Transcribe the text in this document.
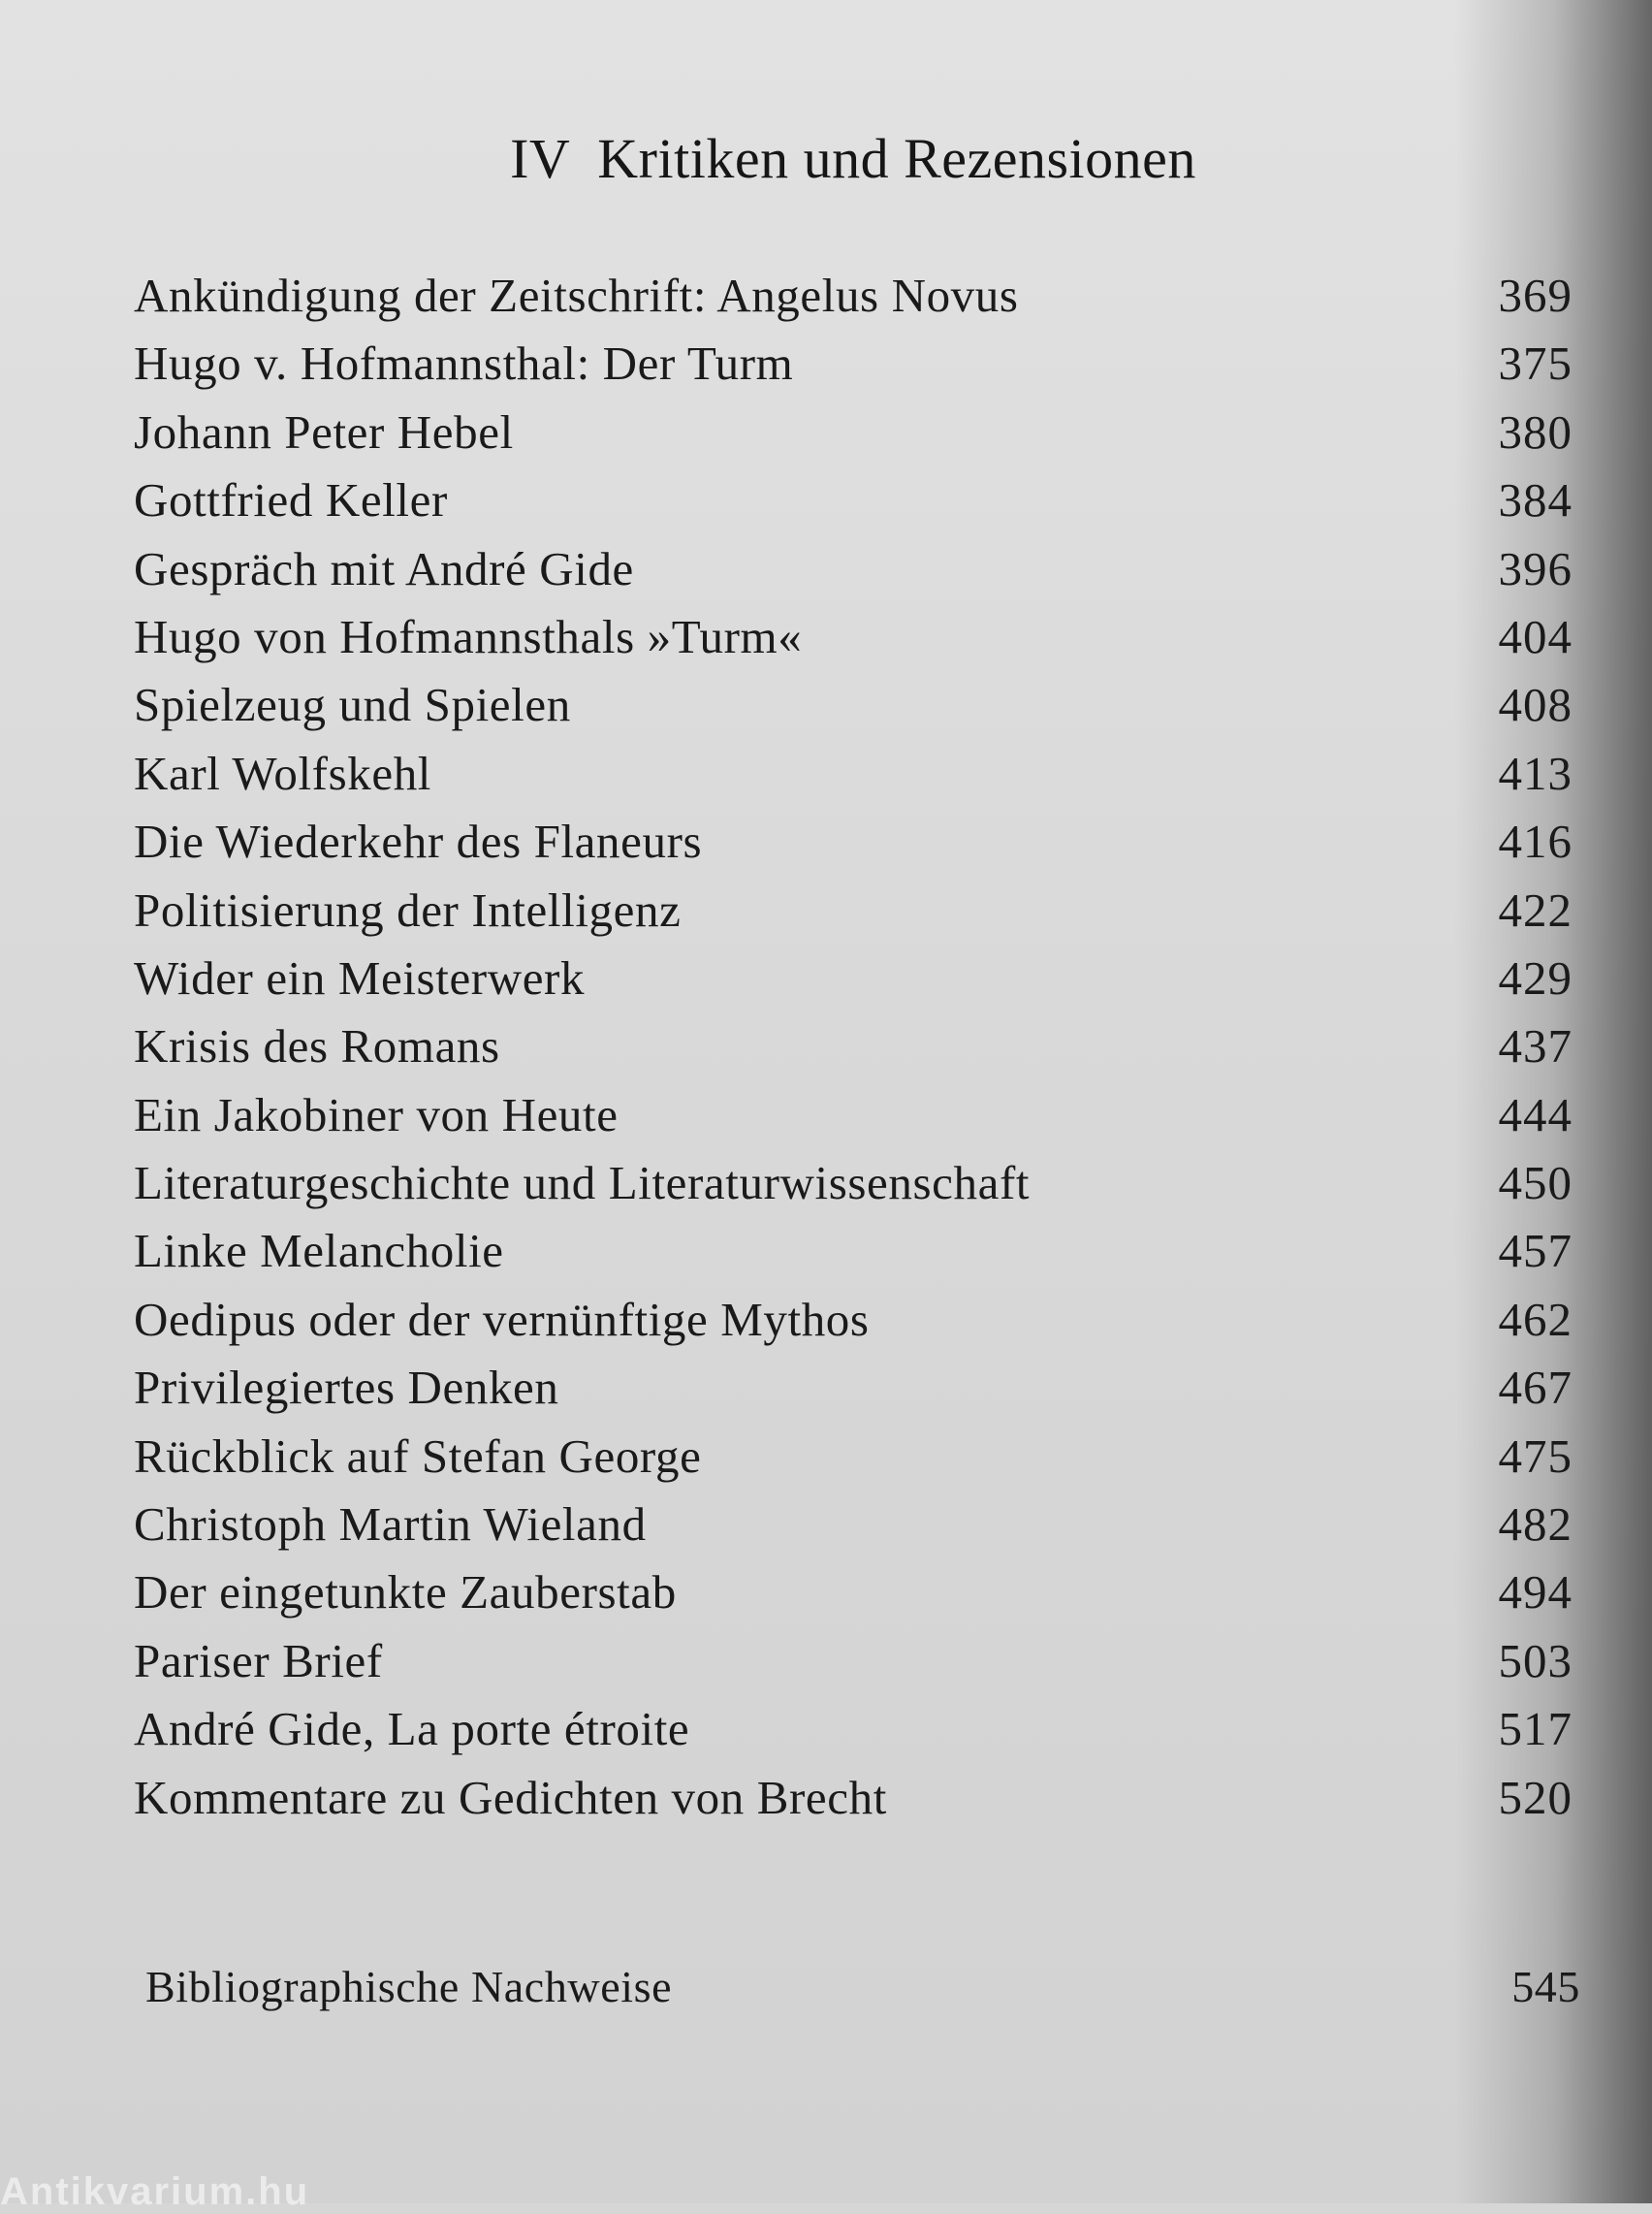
IV Kritiken und Rezensionen
Ankündigung der Zeitschrift: Angelus Novus	369
Hugo v. Hofmannsthal: Der Turm	375
Johann Peter Hebel	380
Gottfried Keller	384
Gespräch mit André Gide	396
Hugo von Hofmannsthals »Turm«	404
Spielzeug und Spielen	408
Karl Wolfskehl	413
Die Wiederkehr des Flaneurs	416
Politisierung der Intelligenz	422
Wider ein Meisterwerk	429
Krisis des Romans	437
Ein Jakobiner von Heute	444
Literaturgeschichte und Literaturwissenschaft	450
Linke Melancholie	457
Oedipus oder der vernünftige Mythos	462
Privilegiertes Denken	467
Rückblick auf Stefan George	475
Christoph Martin Wieland	482
Der eingetunkte Zauberstab	494
Pariser Brief	503
André Gide, La porte étroite	517
Kommentare zu Gedichten von Brecht	520
Bibliographische Nachweise	545
Antikvarium.hu
